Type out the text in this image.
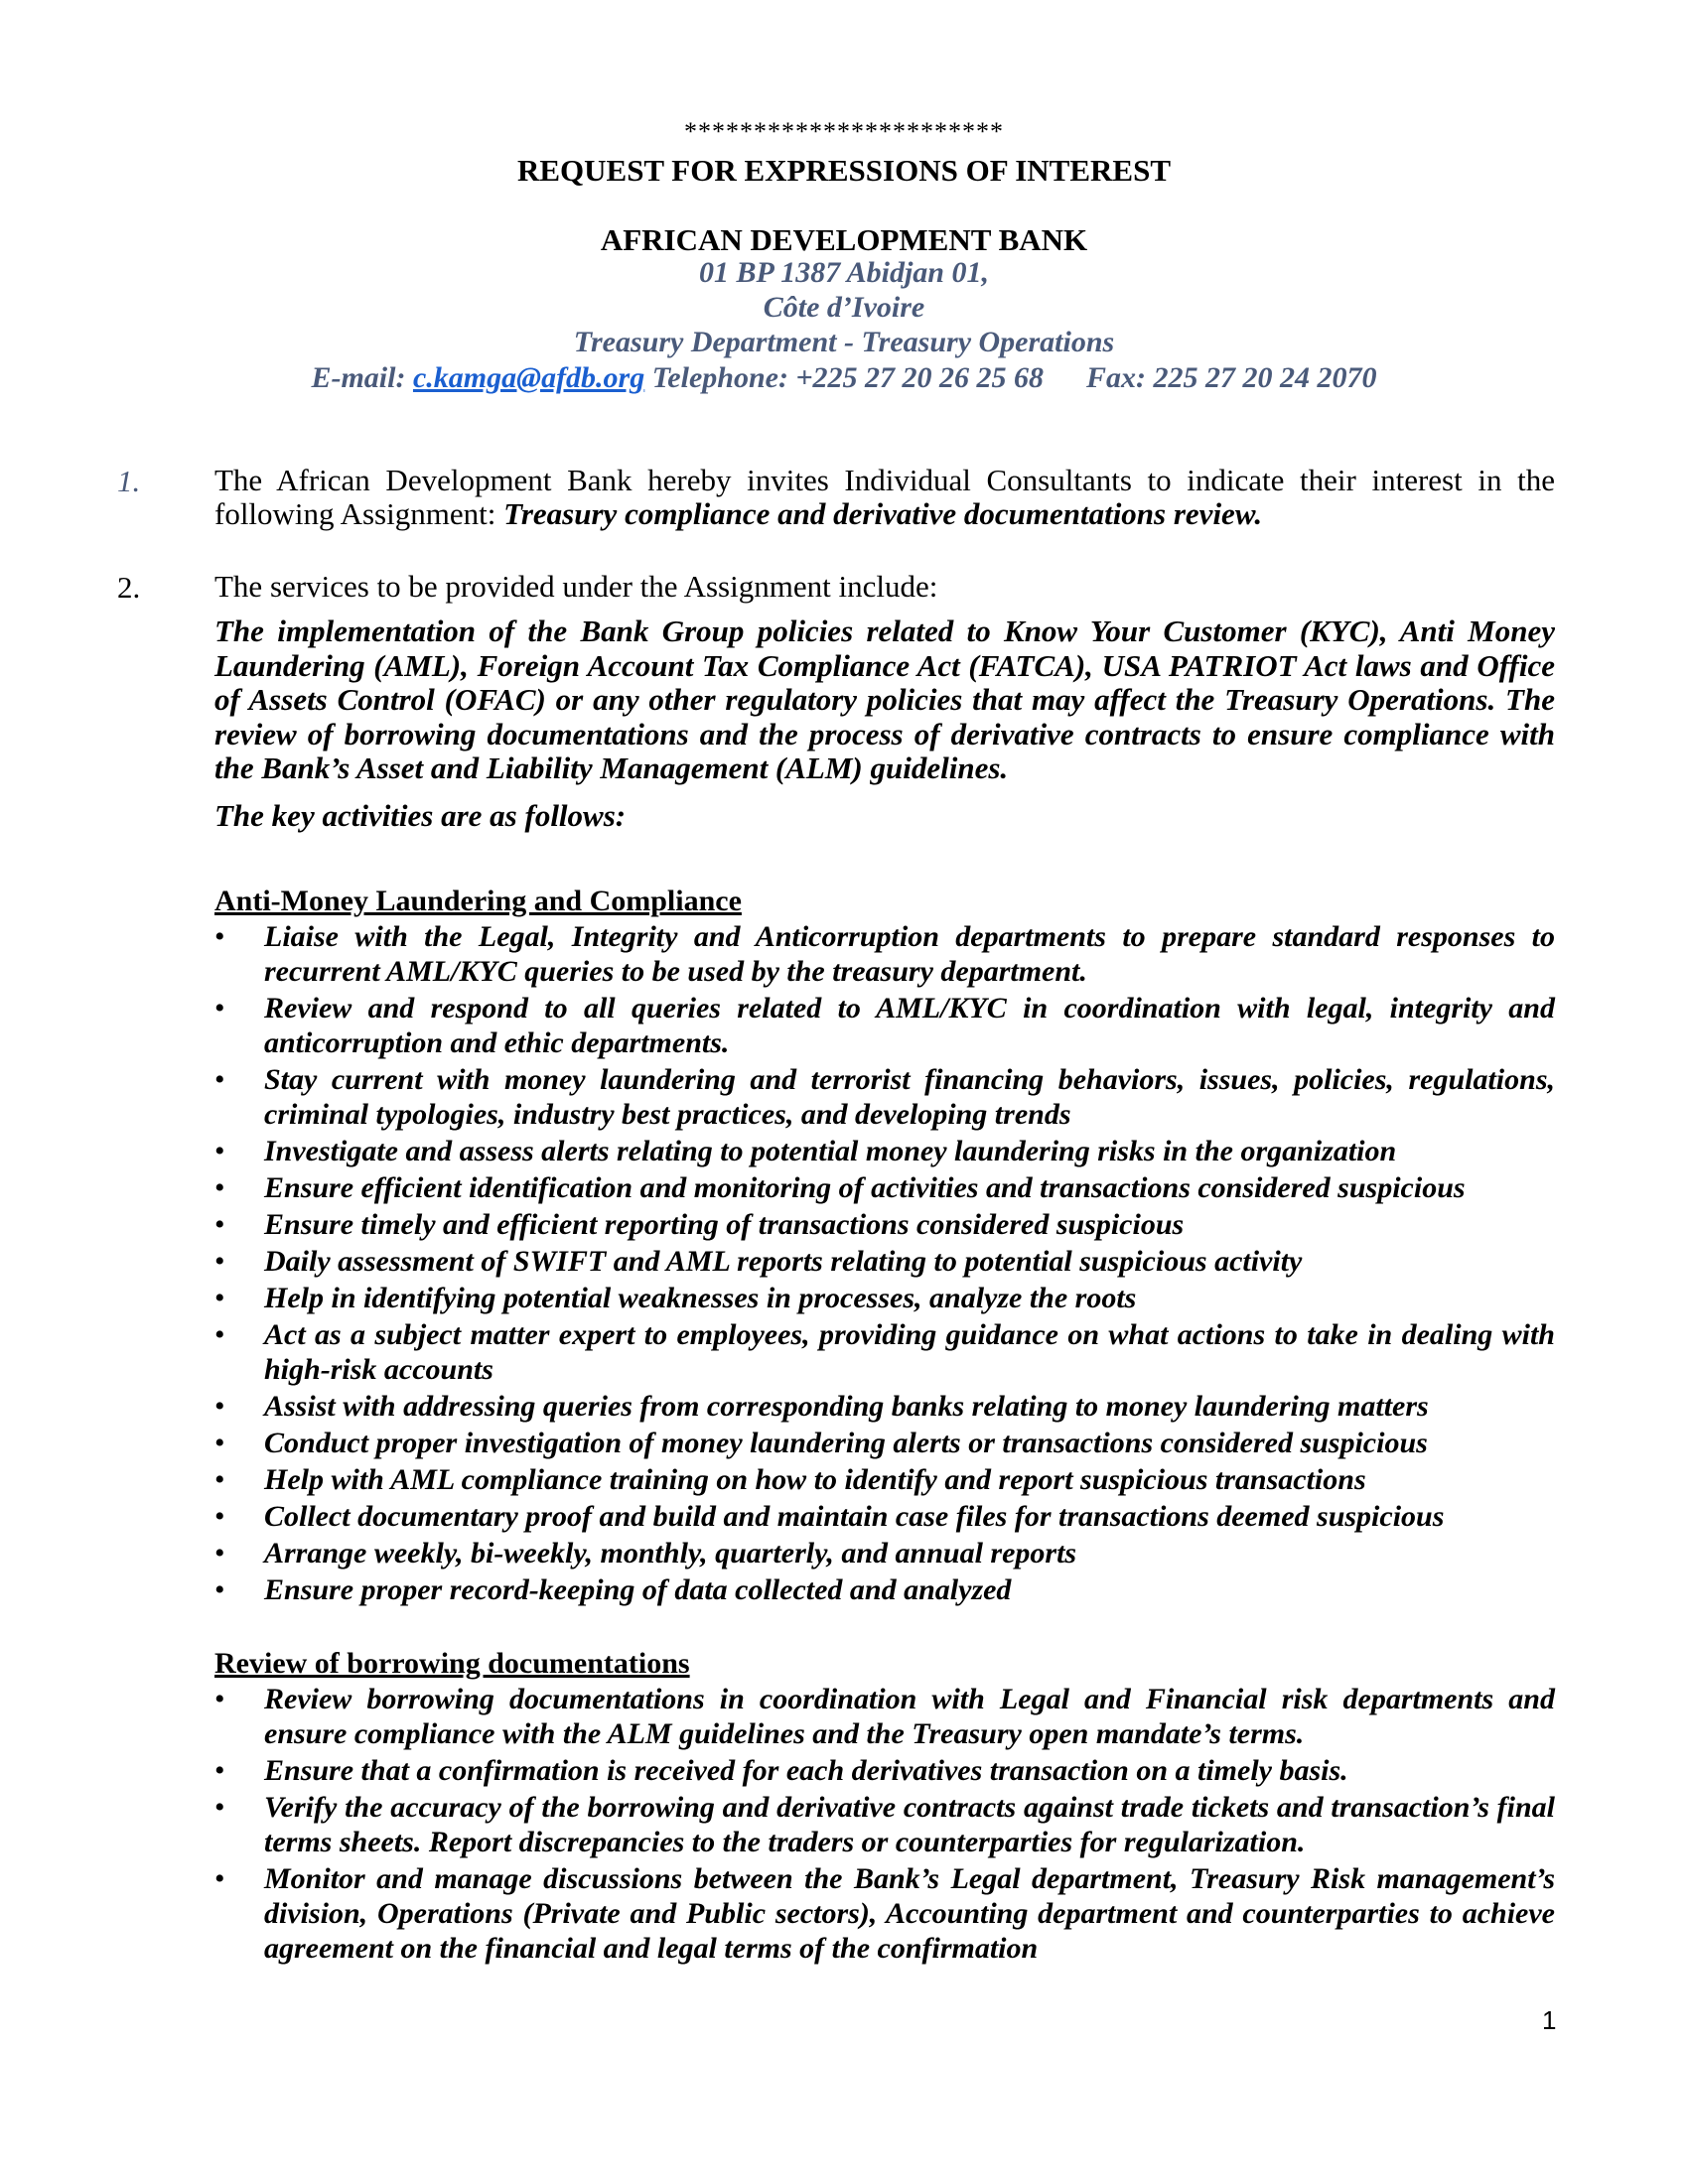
***********************
REQUEST FOR EXPRESSIONS OF INTEREST
AFRICAN DEVELOPMENT BANK
01 BP 1387 Abidjan 01,
Côte d’Ivoire
Treasury Department - Treasury Operations
E-mail: c.kamga@afdb.org Telephone: +225 27 20 26 25 68 Fax: 225 27 20 24 2070
1.	The African Development Bank hereby invites Individual Consultants to indicate their interest in the following Assignment: Treasury compliance and derivative documentations review.
2.	The services to be provided under the Assignment include:
The implementation of the Bank Group policies related to Know Your Customer (KYC), Anti Money Laundering (AML), Foreign Account Tax Compliance Act (FATCA), USA PATRIOT Act laws and Office of Assets Control (OFAC) or any other regulatory policies that may affect the Treasury Operations. The review of borrowing documentations and the process of derivative contracts to ensure compliance with the Bank’s Asset and Liability Management (ALM) guidelines.
The key activities are as follows:
Anti-Money Laundering and Compliance
• Liaise with the Legal, Integrity and Anticorruption departments to prepare standard responses to recurrent AML/KYC queries to be used by the treasury department.
• Review and respond to all queries related to AML/KYC in coordination with legal, integrity and anticorruption and ethic departments.
• Stay current with money laundering and terrorist financing behaviors, issues, policies, regulations, criminal typologies, industry best practices, and developing trends
• Investigate and assess alerts relating to potential money laundering risks in the organization
• Ensure efficient identification and monitoring of activities and transactions considered suspicious
• Ensure timely and efficient reporting of transactions considered suspicious
• Daily assessment of SWIFT and AML reports relating to potential suspicious activity
• Help in identifying potential weaknesses in processes, analyze the roots
• Act as a subject matter expert to employees, providing guidance on what actions to take in dealing with high-risk accounts
• Assist with addressing queries from corresponding banks relating to money laundering matters
• Conduct proper investigation of money laundering alerts or transactions considered suspicious
• Help with AML compliance training on how to identify and report suspicious transactions
• Collect documentary proof and build and maintain case files for transactions deemed suspicious
• Arrange weekly, bi-weekly, monthly, quarterly, and annual reports
• Ensure proper record-keeping of data collected and analyzed
Review of borrowing documentations
• Review borrowing documentations in coordination with Legal and Financial risk departments and ensure compliance with the ALM guidelines and the Treasury open mandate’s terms.
• Ensure that a confirmation is received for each derivatives transaction on a timely basis.
• Verify the accuracy of the borrowing and derivative contracts against trade tickets and transaction’s final terms sheets. Report discrepancies to the traders or counterparties for regularization.
• Monitor and manage discussions between the Bank’s Legal department, Treasury Risk management’s division, Operations (Private and Public sectors), Accounting department and counterparties to achieve agreement on the financial and legal terms of the confirmation
1
